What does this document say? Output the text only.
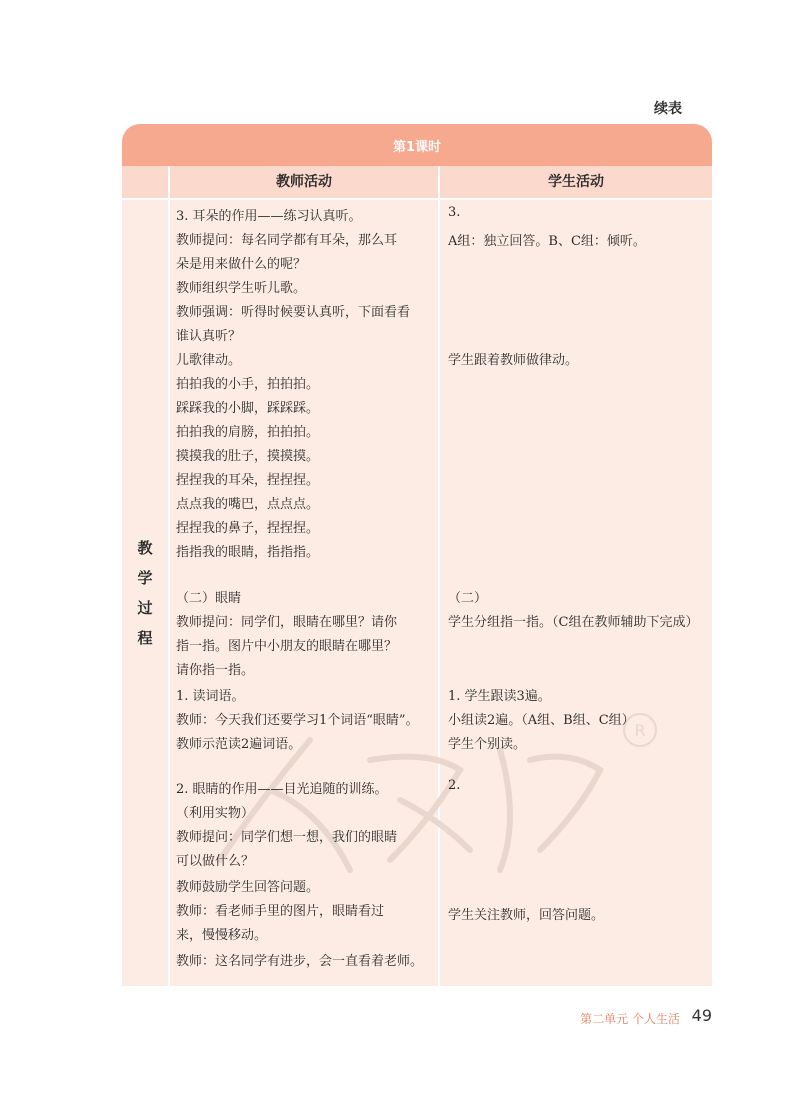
续表
第1课时
教师活动	学生活动
教
学
过
程
R
3. 耳朵的作用——练习认真听。
教师提问：每名同学都有耳朵，那么耳
朵是用来做什么的呢？
教师组织学生听儿歌。
教师强调：听得时候要认真听，下面看看
谁认真听？
儿歌律动。
拍拍我的小手，拍拍拍。
踩踩我的小脚，踩踩踩。
拍拍我的肩膀，拍拍拍。
摸摸我的肚子，摸摸摸。
捏捏我的耳朵，捏捏捏。
点点我的嘴巴，点点点。
捏捏我的鼻子，捏捏捏。
指指我的眼睛，指指指。
（二）眼睛
教师提问：同学们，眼睛在哪里？请你
指一指。图片中小朋友的眼睛在哪里？
请你指一指。
1. 读词语。
教师：今天我们还要学习1个词语“眼睛”。
教师示范读2遍词语。
2. 眼睛的作用——目光追随的训练。
（利用实物）
教师提问：同学们想一想，我们的眼睛
可以做什么？
教师鼓励学生回答问题。
教师：看老师手里的图片，眼睛看过
来，慢慢移动。
教师：这名同学有进步，会一直看着老师。
3.
A组：独立回答。B、C组：倾听。
学生跟着教师做律动。
（二）
学生分组指一指。（C组在教师辅助下完成）
1. 学生跟读3遍。
小组读2遍。（A组、B组、C组）
学生个别读。
2.
学生关注教师，回答问题。
第二单元 个人生活 49
